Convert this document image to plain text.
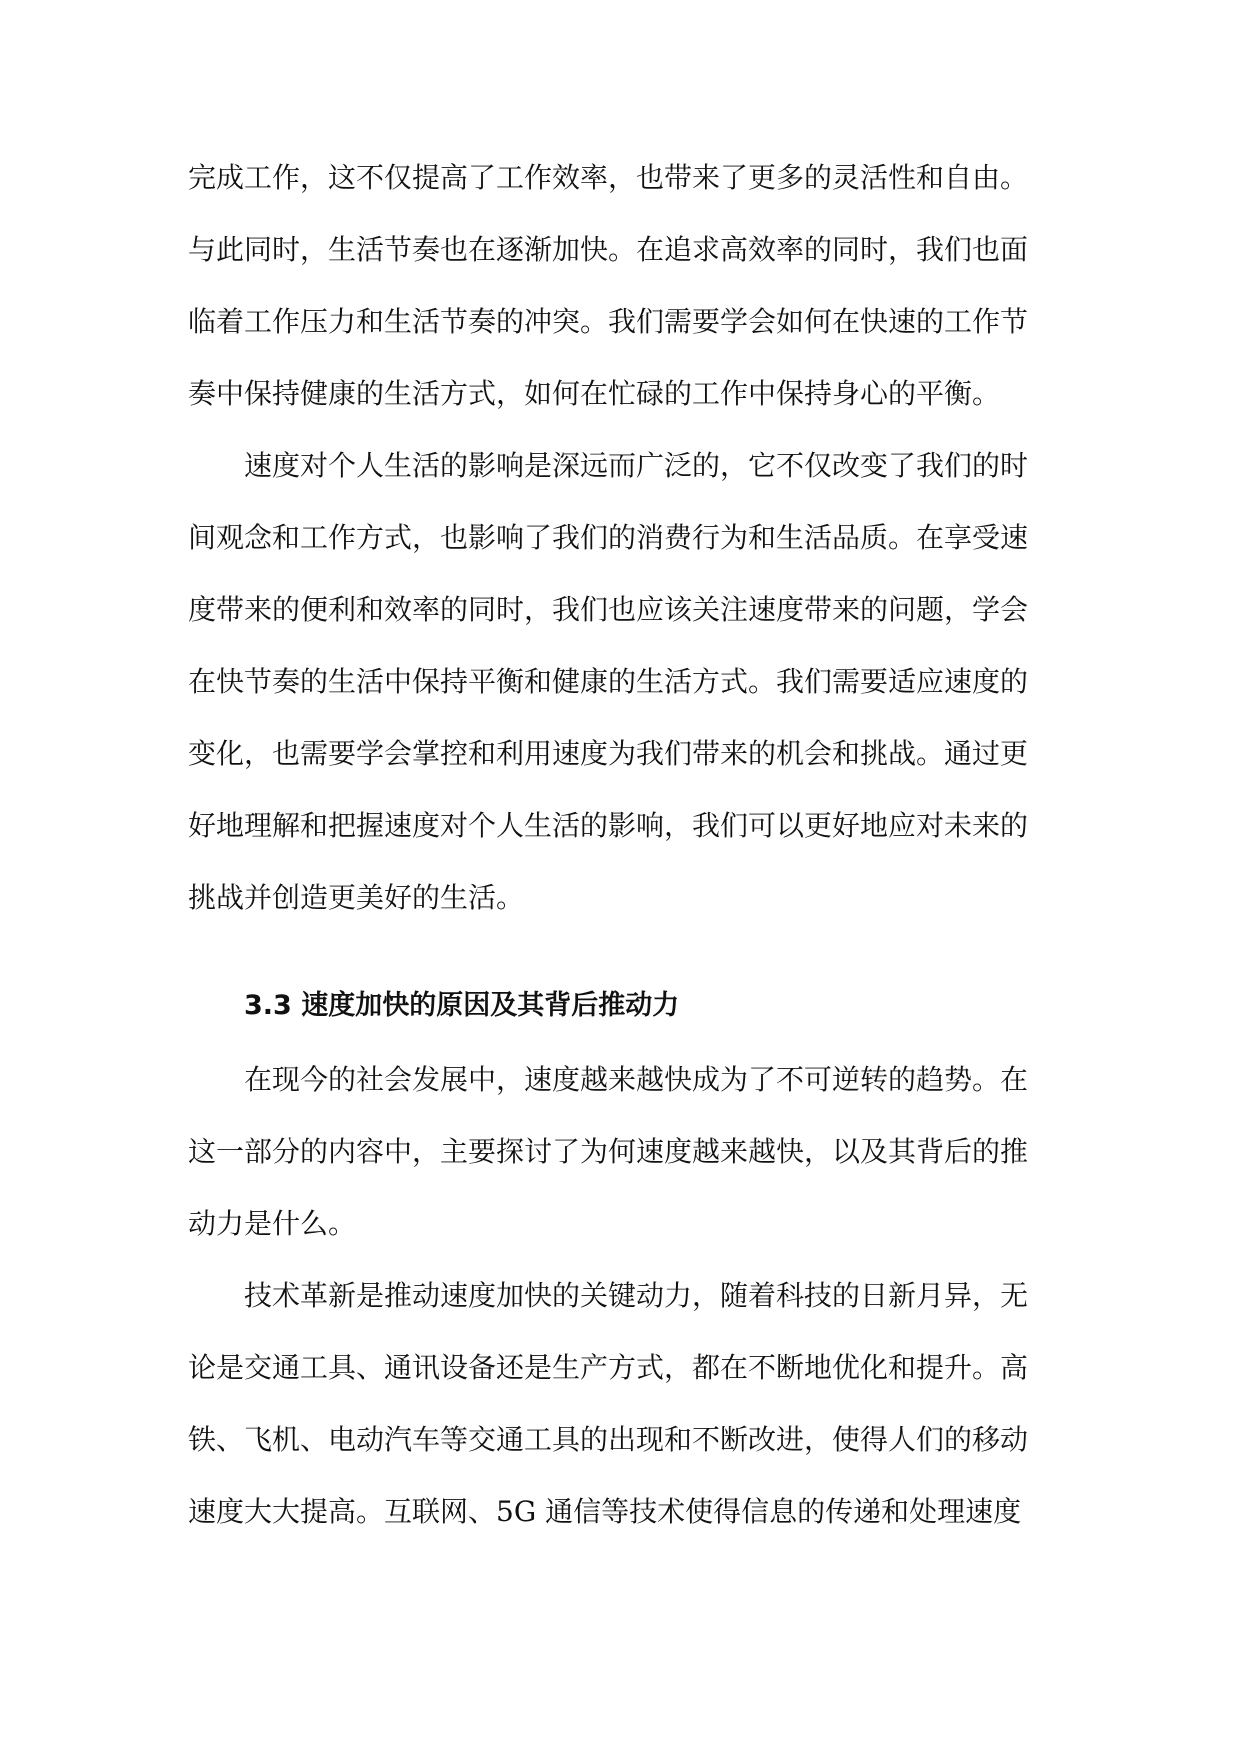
完成工作，这不仅提高了工作效率，也带来了更多的灵活性和自由。
与此同时，生活节奏也在逐渐加快。在追求高效率的同时，我们也面
临着工作压力和生活节奏的冲突。我们需要学会如何在快速的工作节
奏中保持健康的生活方式，如何在忙碌的工作中保持身心的平衡。
速度对个人生活的影响是深远而广泛的，它不仅改变了我们的时
间观念和工作方式，也影响了我们的消费行为和生活品质。在享受速
度带来的便利和效率的同时，我们也应该关注速度带来的问题，学会
在快节奏的生活中保持平衡和健康的生活方式。我们需要适应速度的
变化，也需要学会掌控和利用速度为我们带来的机会和挑战。通过更
好地理解和把握速度对个人生活的影响，我们可以更好地应对未来的
挑战并创造更美好的生活。
3.3 速度加快的原因及其背后推动力
在现今的社会发展中，速度越来越快成为了不可逆转的趋势。在
这一部分的内容中，主要探讨了为何速度越来越快，以及其背后的推
动力是什么。
技术革新是推动速度加快的关键动力，随着科技的日新月异，无
论是交通工具、通讯设备还是生产方式，都在不断地优化和提升。高
铁、飞机、电动汽车等交通工具的出现和不断改进，使得人们的移动
速度大大提高。互联网、5G 通信等技术使得信息的传递和处理速度
